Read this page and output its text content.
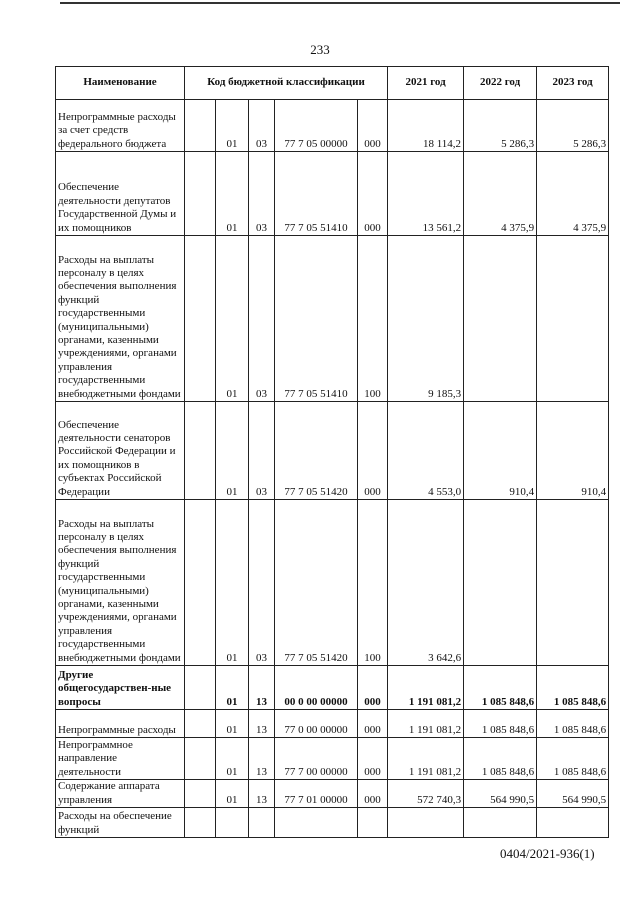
233
Наименование	Код бюджетной классификации					2021 год	2022 год	2023 год
Непрограммные расходы за счет средств федерального бюджета		01	03	77 7 05 00000	000	18 114,2	5 286,3	5 286,3
Обеспечение деятельности депутатов Государственной Думы и их помощников		01	03	77 7 05 51410	000	13 561,2	4 375,9	4 375,9
Расходы на выплаты персоналу в целях обеспечения выполнения функций государственными (муниципальными) органами, казенными учреждениями, органами управления государственными внебюджетными фондами		01	03	77 7 05 51410	100	9 185,3		
Обеспечение деятельности сенаторов Российской Федерации и их помощников в субъектах Российской Федерации		01	03	77 7 05 51420	000	4 553,0	910,4	910,4
Расходы на выплаты персоналу в целях обеспечения выполнения функций государственными (муниципальными) органами, казенными учреждениями, органами управления государственными внебюджетными фондами		01	03	77 7 05 51420	100	3 642,6		
Другие общегосударствен-ные вопросы		01	13	00 0 00 00000	000	1 191 081,2	1 085 848,6	1 085 848,6
Непрограммные расходы		01	13	77 0 00 00000	000	1 191 081,2	1 085 848,6	1 085 848,6
Непрограммное направление деятельности		01	13	77 7 00 00000	000	1 191 081,2	1 085 848,6	1 085 848,6
Содержание аппарата управления		01	13	77 7 01 00000	000	572 740,3	564 990,5	564 990,5
Расходы на обеспечение функций								
0404/2021-936(1)
